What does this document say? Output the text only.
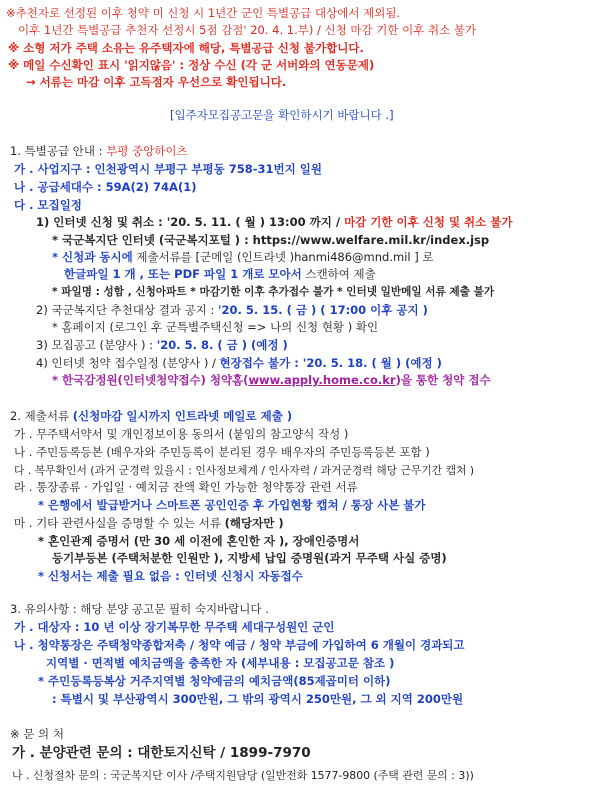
※추천자로 선정된 이후 청약 미 신청 시 1년간 군인 특별공급 대상에서 제외됨.
이후 1년간 특별공급 추천자 선정시 5점 감점' 20. 4. 1.부) / 신청 마감 기한 이후 취소 불가
※ 소형 저가 주택 소유는 유주택자에 해당, 특별공급 신청 불가합니다.
※ 메일 수신확인 표시 '읽지않음' : 정상 수신 (각 군 서버와의 연동문제)
→ 서류는 마감 이후 고득점자 우선으로 확인됩니다.
[입주자모집공고문을 확인하시기 바랍니다 .]
1. 특별공급 안내 : 부평 중앙하이츠
가 . 사업지구 : 인천광역시 부평구 부평동 758-31번지 일원
나 . 공급세대수 : 59A(2) 74A(1)
다 . 모집일정
1) 인터넷 신청 및 취소 : '20. 5. 11. ( 월 ) 13:00 까지 / 마감 기한 이후 신청 및 취소 불가
* 국군복지단 인터넷 (국군복지포털 ) : https://www.welfare.mil.kr/index.jsp
* 신청과 동시에 제출서류를 [군메일 (인트라넷 )hanmi486@mnd.mil ] 로
한글파일 1 개 , 또는 PDF 파일 1 개로 모아서 스캔하여 제출
* 파일명 : 성함 , 신청아파트 * 마감기한 이후 추가접수 불가 * 인터넷 일반메일 서류 제출 불가
2) 국군복지단 추천대상 결과 공지 : '20. 5. 15. ( 금 ) ( 17:00 이후 공지 )
* 홈페이지 (로그인 후 군특별주택신청 => 나의 신청 현황 ) 확인
3) 모집공고 (분양사 ) : '20. 5. 8. ( 금 ) (예정 )
4) 인터넷 청약 접수일정 (분양사 ) / 현장접수 불가 : '20. 5. 18. ( 월 ) (예정 )
* 한국감정원(인터넷청약접수) 청약홈(www.apply.home.co.kr)을 통한 청약 접수
2. 제출서류 (신청마감 일시까지 인트라넷 메일로 제출 )
가 . 무주택서약서 및 개인정보이용 동의서 (붙임의 참고양식 작성 )
나 . 주민등록등본 (배우자와 주민등록이 분리된 경우 배우자의 주민등록등본 포함 )
다 . 복무확인서 (과거 군경력 있을시 : 인사정보체계 / 인사자력 / 과거군경력 해당 근무기간 캡쳐 )
라 . 통장종류 · 가입일 · 예치금 잔액 확인 가능한 청약통장 관련 서류
* 은행에서 발급받거나 스마트폰 공인인증 후 가입현황 캡쳐 / 통장 사본 불가
마 . 기타 관련사실을 증명할 수 있는 서류 (해당자만 )
* 혼인관계 증명서 (만 30 세 이전에 혼인한 자 ), 장애인증명서
등기부등본 (주택처분한 인원만 ), 지방세 납입 증명원(과거 무주택 사실 증명)
* 신청서는 제출 필요 없음 : 인터넷 신청시 자동접수
3. 유의사항 : 해당 분양 공고문 필히 숙지바랍니다 .
가 . 대상자 : 10 년 이상 장기복무한 무주택 세대구성원인 군인
나 . 청약통장은 주택청약종합저축 / 청약 예금 / 청약 부금에 가입하여 6 개월이 경과되고
지역별 · 면적별 예치금액을 충족한 자 (세부내용 : 모집공고문 참조 )
* 주민등록등복상 거주지역별 청약예금의 예치금액(85제곱미터 이하)
: 특별시 및 부산광역시 300만원, 그 밖의 광역시 250만원, 그 외 지역 200만원
※ 문 의 처
가 . 분양관련 문의 : 대한토지신탁 / 1899-7970
나 . 신청절차 문의 : 국군복지단 이사 /주택지원담당 (일반전화 1577-9800 (주택 관련 문의 : 3))
